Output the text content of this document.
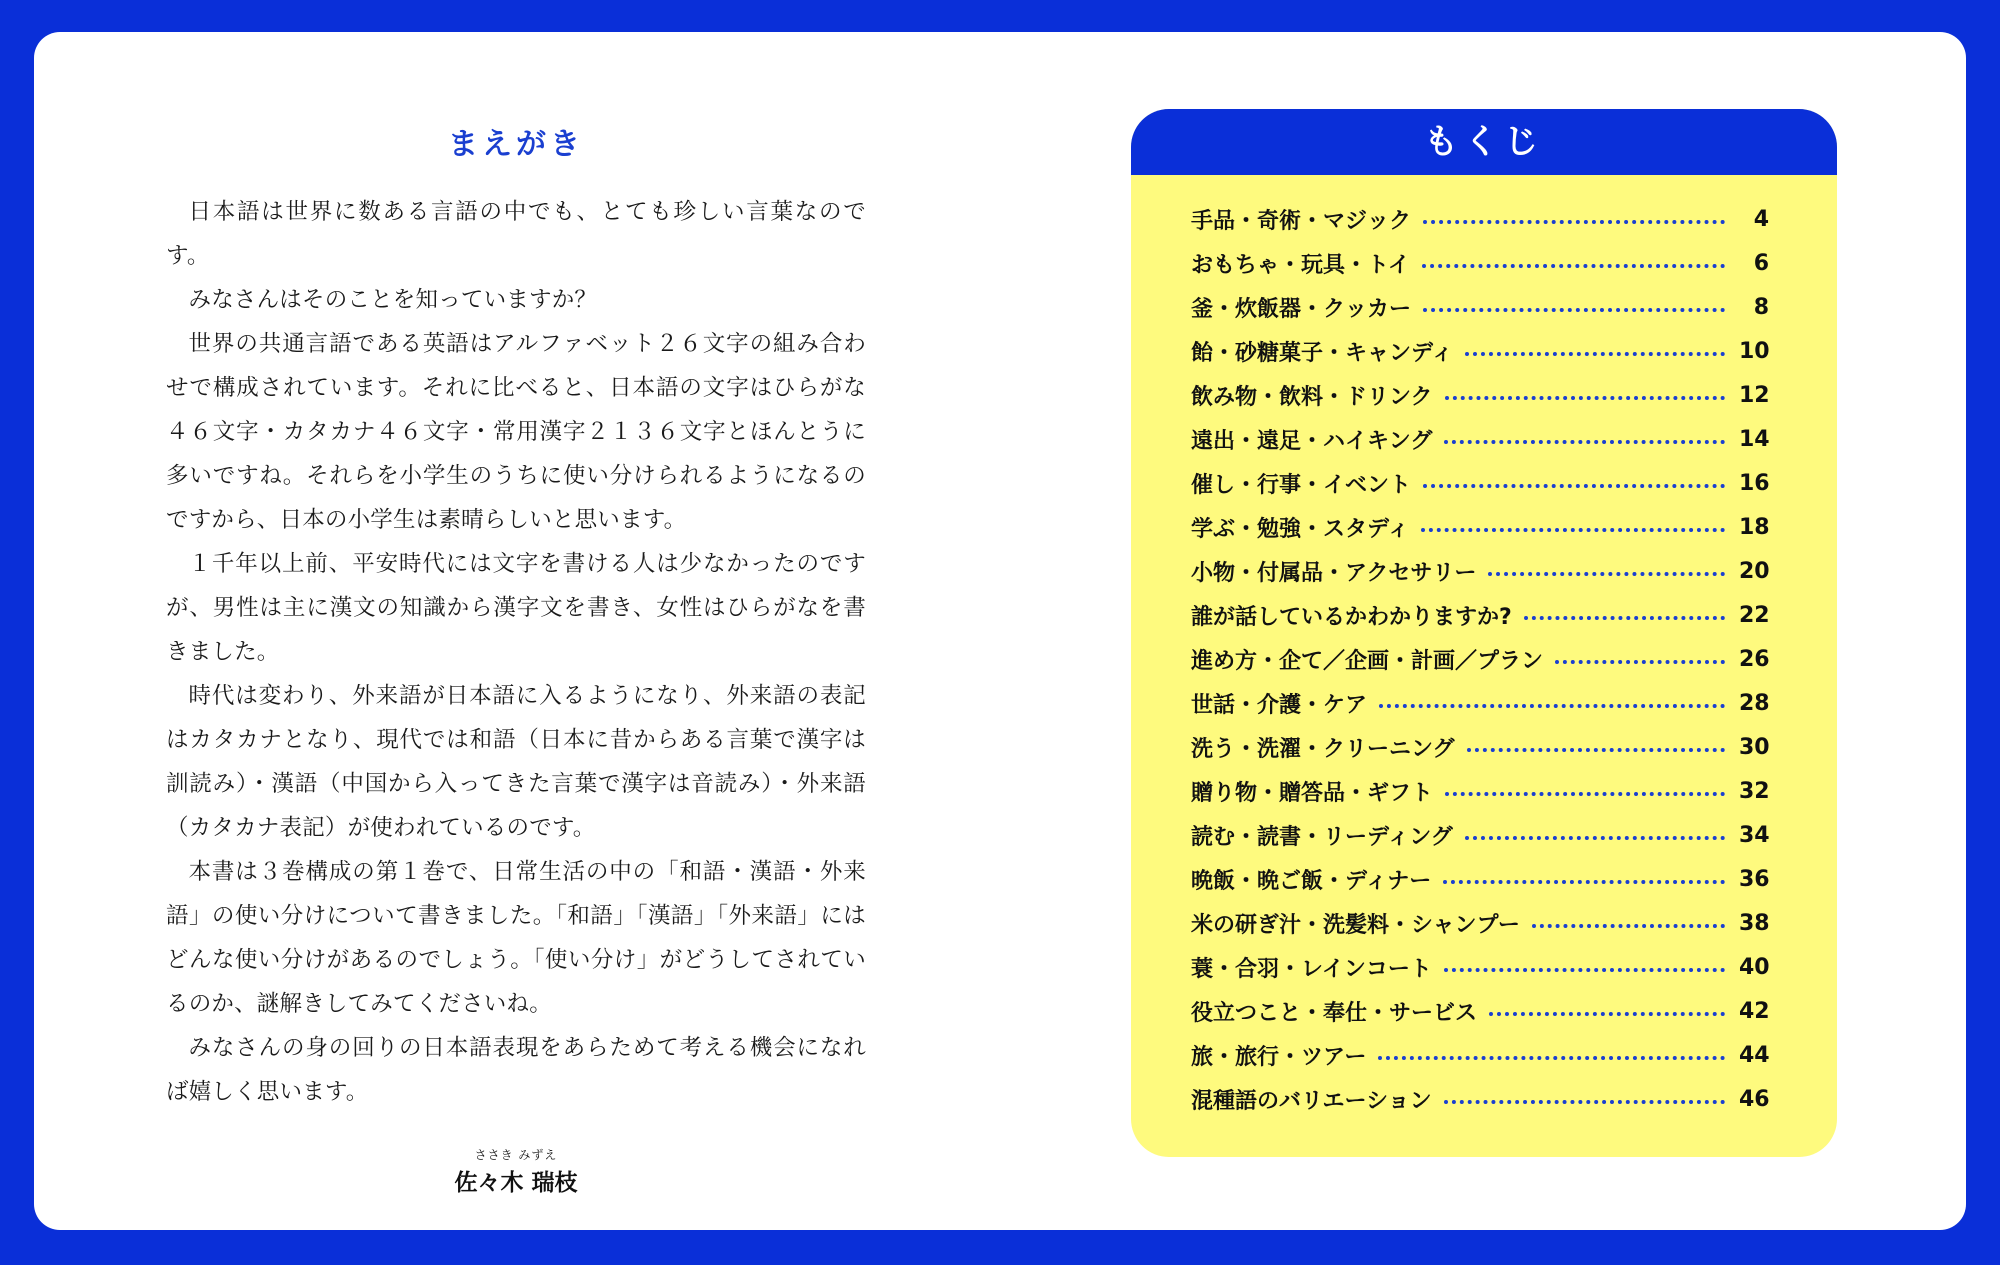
まえがき

日本語は世界に数ある言語の中でも、とても珍しい言葉なのです。

みなさんはそのことを知っていますか？

世界の共通言語である英語はアルファベット２６文字の組み合わせで構成されています。それに比べると、日本語の文字はひらがな４６文字・カタカナ４６文字・常用漢字２１３６文字とほんとうに多いですね。それらを小学生のうちに使い分けられるようになるのですから、日本の小学生は素晴らしいと思います。

１千年以上前、平安時代には文字を書ける人は少なかったのですが、男性は主に漢文の知識から漢字文を書き、女性はひらがなを書きました。

時代は変わり、外来語が日本語に入るようになり、外来語の表記はカタカナとなり、現代では和語（日本に昔からある言葉で漢字は訓読み）・漢語（中国から入ってきた言葉で漢字は音読み）・外来語（カタカナ表記）が使われているのです。

本書は３巻構成の第１巻で、日常生活の中の「和語・漢語・外来語」の使い分けについて書きました。「和語」「漢語」「外来語」にはどんな使い分けがあるのでしょう。「使い分け」がどうしてされているのか、謎解きしてみてくださいね。

みなさんの身の回りの日本語表現をあらためて考える機会になれば嬉しく思います。

ささき みずえ
佐々木 瑞枝
もくじ
手品・奇術・マジック	4
おもちゃ・玩具・トイ	6
釜・炊飯器・クッカー	8
飴・砂糖菓子・キャンディ	10
飲み物・飲料・ドリンク	12
遠出・遠足・ハイキング	14
催し・行事・イベント	16
学ぶ・勉強・スタディ	18
小物・付属品・アクセサリー	20
誰が話しているかわかりますか?	22
進め方・企て／企画・計画／プラン	26
世話・介護・ケア	28
洗う・洗濯・クリーニング	30
贈り物・贈答品・ギフト	32
読む・読書・リーディング	34
晩飯・晩ご飯・ディナー	36
米の研ぎ汁・洗髪料・シャンプー	38
蓑・合羽・レインコート	40
役立つこと・奉仕・サービス	42
旅・旅行・ツアー	44
混種語のバリエーション	46
